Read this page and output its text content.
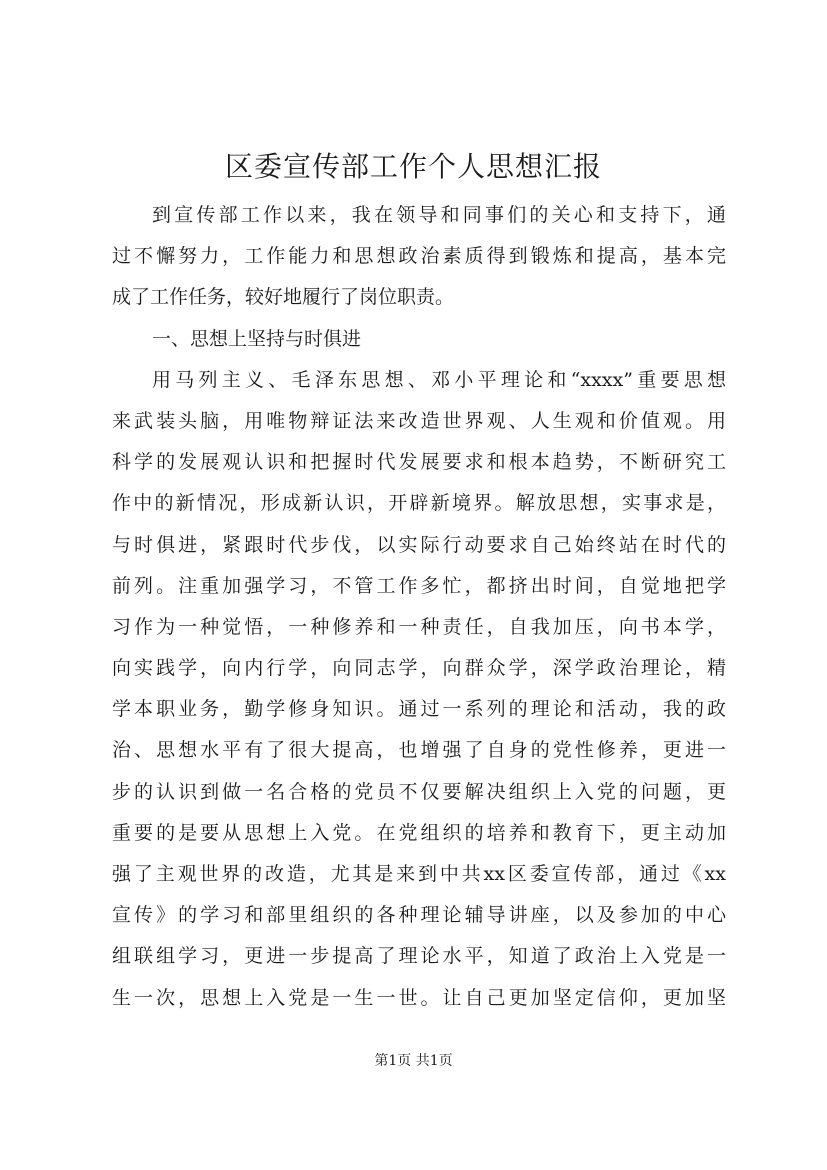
区委宣传部工作个人思想汇报
到宣传部工作以来，我在领导和同事们的关心和支持下，通
过不懈努力，工作能力和思想政治素质得到锻炼和提高，基本完
成了工作任务，较好地履行了岗位职责。
一、思想上坚持与时俱进
用马列主义、毛泽东思想、邓小平理论和“xxxx”重要思想
来武装头脑，用唯物辩证法来改造世界观、人生观和价值观。用
科学的发展观认识和把握时代发展要求和根本趋势，不断研究工
作中的新情况，形成新认识，开辟新境界。解放思想，实事求是，
与时俱进，紧跟时代步伐，以实际行动要求自己始终站在时代的
前列。注重加强学习，不管工作多忙，都挤出时间，自觉地把学
习作为一种觉悟，一种修养和一种责任，自我加压，向书本学，
向实践学，向内行学，向同志学，向群众学，深学政治理论，精
学本职业务，勤学修身知识。通过一系列的理论和活动，我的政
治、思想水平有了很大提高，也增强了自身的党性修养，更进一
步的认识到做一名合格的党员不仅要解决组织上入党的问题，更
重要的是要从思想上入党。在党组织的培养和教育下，更主动加
强了主观世界的改造，尤其是来到中共xx区委宣传部，通过《xx
宣传》的学习和部里组织的各种理论辅导讲座，以及参加的中心
组联组学习，更进一步提高了理论水平，知道了政治上入党是一
生一次，思想上入党是一生一世。让自己更加坚定信仰，更加坚
第1页 共1页
